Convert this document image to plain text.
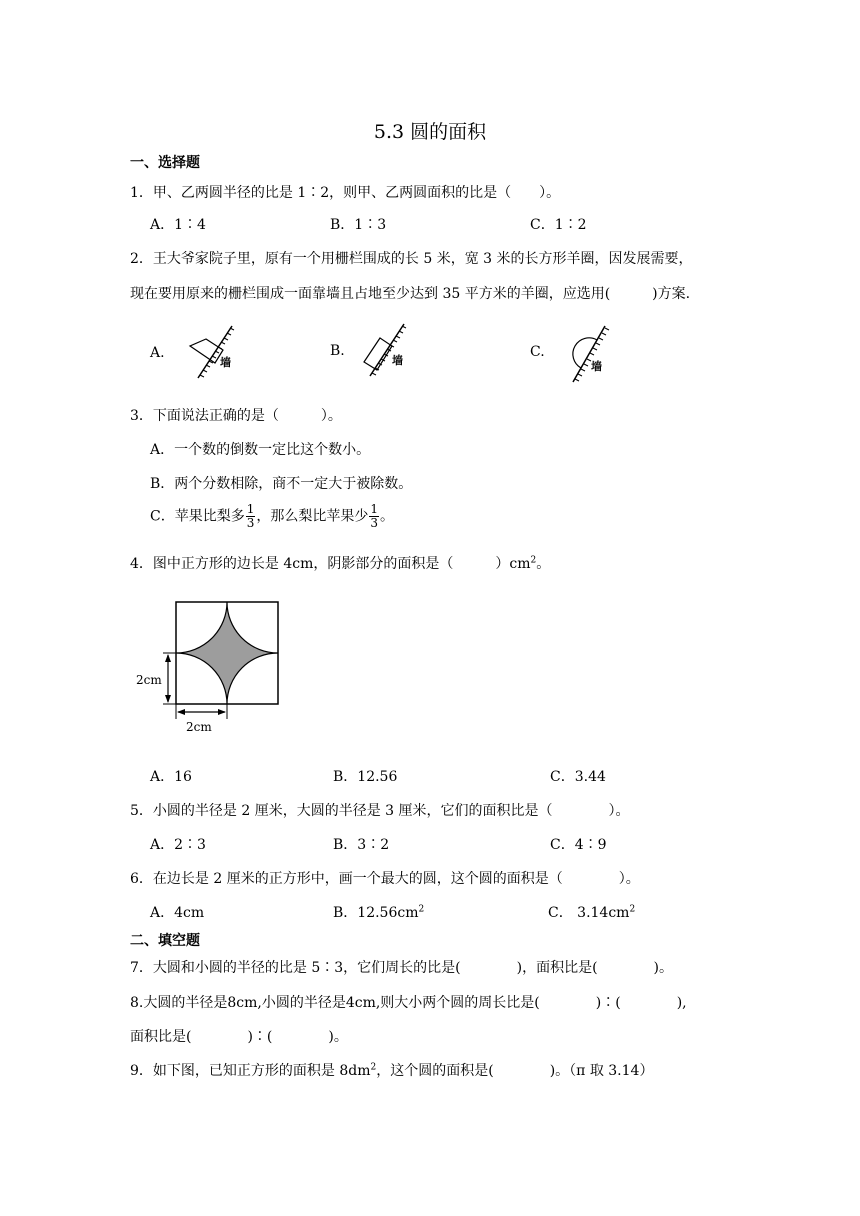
5.3 圆的面积
一、选择题
1．甲、乙两圆半径的比是 1∶2，则甲、乙两圆面积的比是（　　）。
A．1∶4	B．1∶3	C．1∶2
2．王大爷家院子里，原有一个用栅栏围成的长 5 米，宽 3 米的长方形羊圈，因发展需要，
现在要用原来的栅栏围成一面靠墙且占地至少达到 35 平方米的羊圈，应选用(　　　)方案.
A.
墙
B.
墙
C.
墙
3．下面说法正确的是（　　　）。
A．一个数的倒数一定比这个数小。
B．两个分数相除，商不一定大于被除数。
C．苹果比梨多 $\frac{1}{3}$ ，那么梨比苹果少 $\frac{1}{3}$ 。
4．图中正方形的边长是 4cm，阴影部分的面积是（　　　）$cm^2$。
2cm
2cm
A．16	B．12.56	C．3.44
5．小圆的半径是 2 厘米，大圆的半径是 3 厘米，它们的面积比是（　　　　）。
A．2∶3	B．3∶2	C．4∶9
6．在边长是 2 厘米的正方形中，画一个最大的圆，这个圆的面积是（　　　　）。
A．4cm	B．$12.56cm^2$	C． $3.14cm^2$
二、填空题
7．大圆和小圆的半径的比是 5∶3，它们周长的比是(　　　　)，面积比是(　　　　)。
8.大圆的半径是8cm,小圆的半径是4cm,则大小两个圆的周长比是(　　　　)∶(　　　　),
面积比是(　　　　)∶(　　　　)。
9．如下图，已知正方形的面积是 $8dm^2$，这个圆的面积是(　　　　)。（π 取 3.14）
